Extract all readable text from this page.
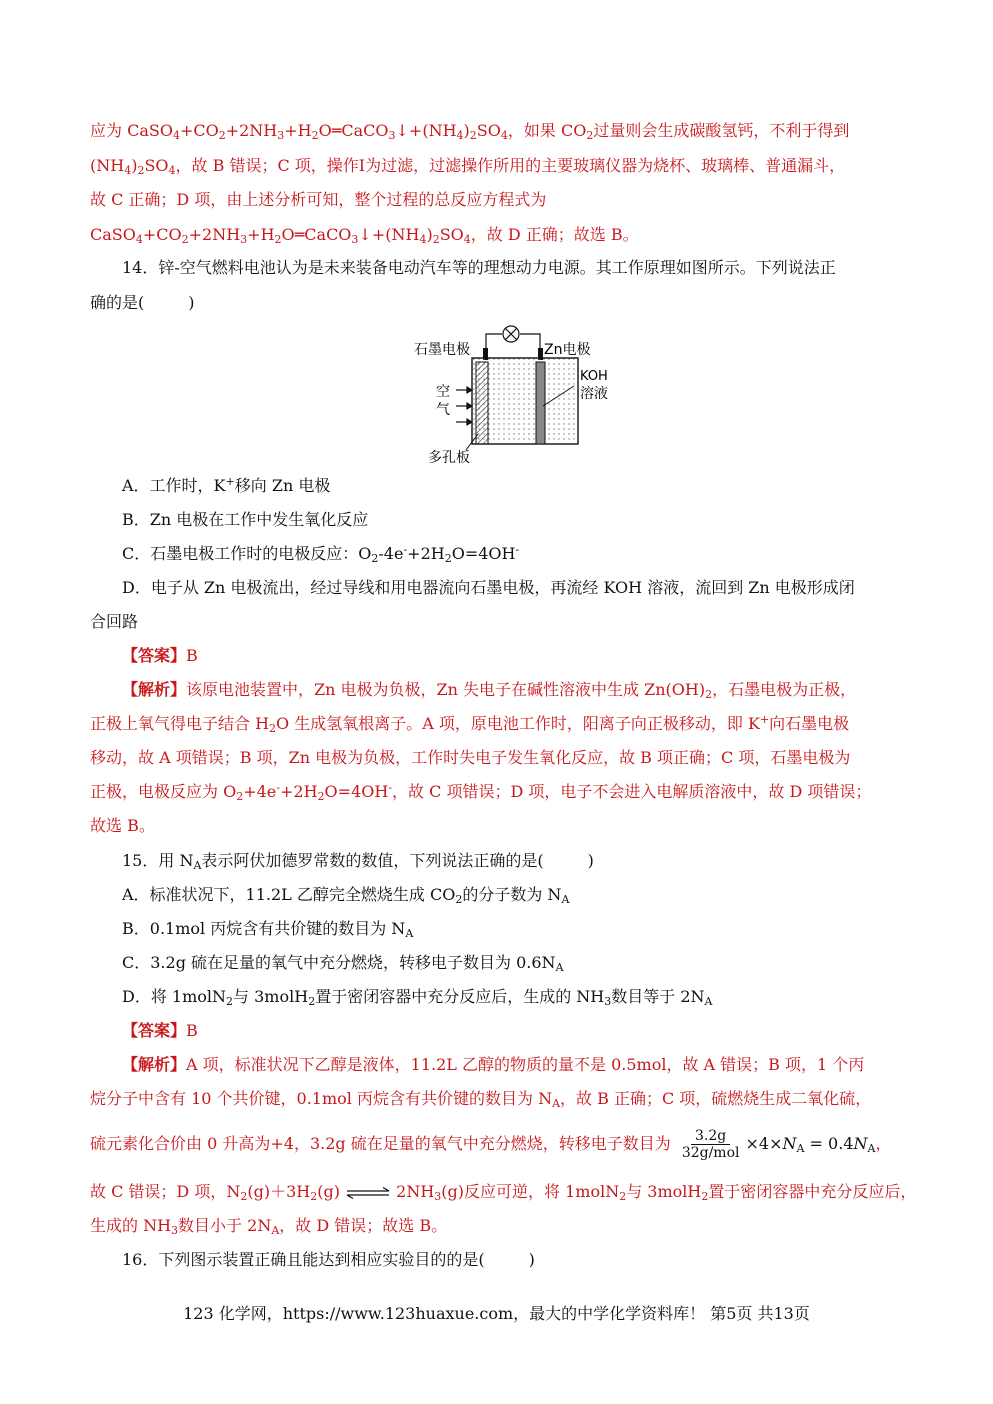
应为 $CaSO_4+CO_2+2NH_3+H_2O═CaCO_3↓+(NH_4)_2SO_4$，如果 $CO_2$过量则会生成碳酸氢钙，不利于得到
$(NH_4)_2SO_4$，故 B 错误；C 项，操作Ⅰ为过滤，过滤操作所用的主要玻璃仪器为烧杯、玻璃棒、普通漏斗，
故 C 正确；D 项，由上述分析可知，整个过程的总反应方程式为
$CaSO_4+CO_2+2NH_3+H_2O═CaCO_3↓+(NH_4)_2SO_4$，故 D 正确；故选 B。
14．锌-空气燃料电池认为是未来装备电动汽车等的理想动力电源。其工作原理如图所示。下列说法正
确的是(	)
石墨电极	Zn电极
KOH
溶液
空
气
多孔板
A．工作时，K+移向 Zn 电极
B．Zn 电极在工作中发生氧化反应
C．石墨电极工作时的电极反应：$O_2-4e^-+2H_2O=4OH^-$
D．电子从 Zn 电极流出，经过导线和用电器流向石墨电极，再流经 KOH 溶液，流回到 Zn 电极形成闭
合回路
【答案】B
【解析】该原电池装置中，Zn 电极为负极，Zn 失电子在碱性溶液中生成 $Zn(OH)_2$，石墨电极为正极，
正极上氧气得电子结合 $H_2O$ 生成氢氧根离子。A 项，原电池工作时，阳离子向正极移动，即 K+向石墨电极
移动，故 A 项错误；B 项，Zn 电极为负极，工作时失电子发生氧化反应，故 B 项正确；C 项，石墨电极为
正极，电极反应为 $O_2+4e^-+2H_2O=4OH^-$，故 C 项错误；D 项，电子不会进入电解质溶液中，故 D 项错误；
故选 B。
15．用 $N_A$表示阿伏加德罗常数的数值，下列说法正确的是(	)
A．标准状况下，11.2L 乙醇完全燃烧生成 $CO_2$的分子数为 $N_A$
B．0.1mol 丙烷含有共价键的数目为 $N_A$
C．3.2g 硫在足量的氧气中充分燃烧，转移电子数目为 $0.6N_A$
D．将 1molN$_2$与 3molH$_2$置于密闭容器中充分反应后，生成的 $NH_3$数目等于 $2N_A$
【答案】B
【解析】A 项，标准状况下乙醇是液体，11.2L 乙醇的物质的量不是 0.5mol，故 A 错误；B 项，1 个丙
烷分子中含有 10 个共价键，0.1mol 丙烷含有共价键的数目为 $N_A$，故 B 正确；C 项，硫燃烧生成二氧化硫，
硫元素化合价由 0 升高为+4，3.2g 硫在足量的氧气中充分燃烧，转移电子数目为 $\frac{3.2g}{\text{32g/mol}} \times 4\times N_A = 0.4N_A$，
故 C 错误；D 项，$N_2(g)+3H_2(g)$ ⇌ $2NH_3(g)$反应可逆，将 1molN$_2$与 3molH$_2$置于密闭容器中充分反应后，
生成的 $NH_3$数目小于 $2N_A$，故 D 错误；故选 B。
16．下列图示装置正确且能达到相应实验目的的是(	)
123 化学网，https://www.123huaxue.com，最大的中学化学资料库！ 第5页 共13页
